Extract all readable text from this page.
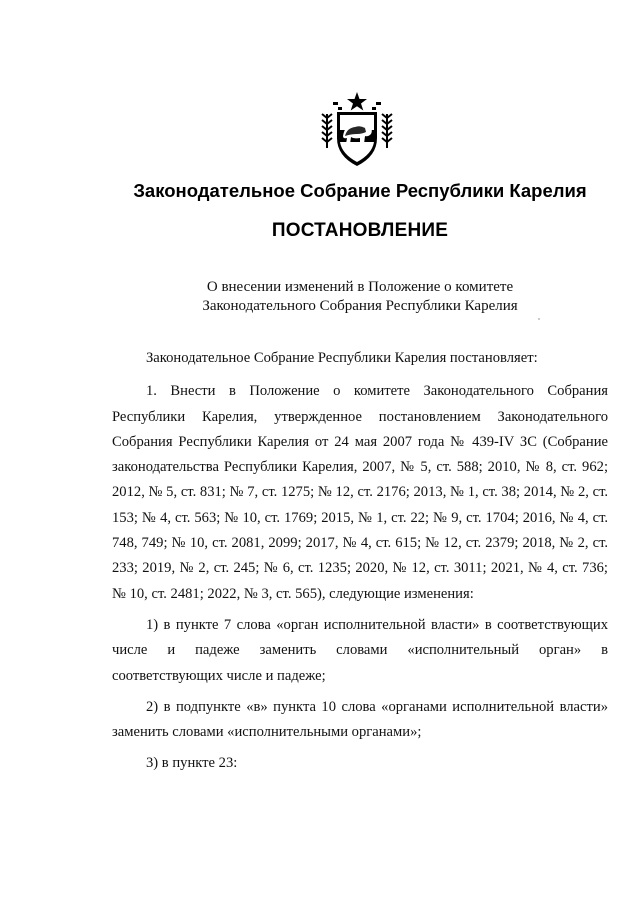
Законодательное Собрание Республики Карелия
ПОСТАНОВЛЕНИЕ
О внесении изменений в Положение о комитете
Законодательного Собрания Республики Карелия

Законодательное Собрание Республики Карелия постановляет:

1. Внести в Положение о комитете Законодательного Собрания Республики Карелия, утвержденное постановлением Законодательного Собрания Республики Карелия от 24 мая 2007 года № 439-IV ЗС (Собрание законодательства Республики Карелия, 2007, № 5, ст. 588; 2010, № 8, ст. 962; 2012, № 5, ст. 831; № 7, ст. 1275; № 12, ст. 2176; 2013, № 1, ст. 38; 2014, № 2, ст. 153; № 4, ст. 563; № 10, ст. 1769; 2015, № 1, ст. 22; № 9, ст. 1704; 2016, № 4, ст. 748, 749; № 10, ст. 2081, 2099; 2017, № 4, ст. 615; № 12, ст. 2379; 2018, № 2, ст. 233; 2019, № 2, ст. 245; № 6, ст. 1235; 2020, № 12, ст. 3011; 2021, № 4, ст. 736; № 10, ст. 2481; 2022, № 3, ст. 565), следующие изменения:

1) в пункте 7 слова «орган исполнительной власти» в соответствующих числе и падеже заменить словами «исполнительный орган» в соответствующих числе и падеже;

2) в подпункте «в» пункта 10 слова «органами исполнительной власти» заменить словами «исполнительными органами»;

3) в пункте 23:
